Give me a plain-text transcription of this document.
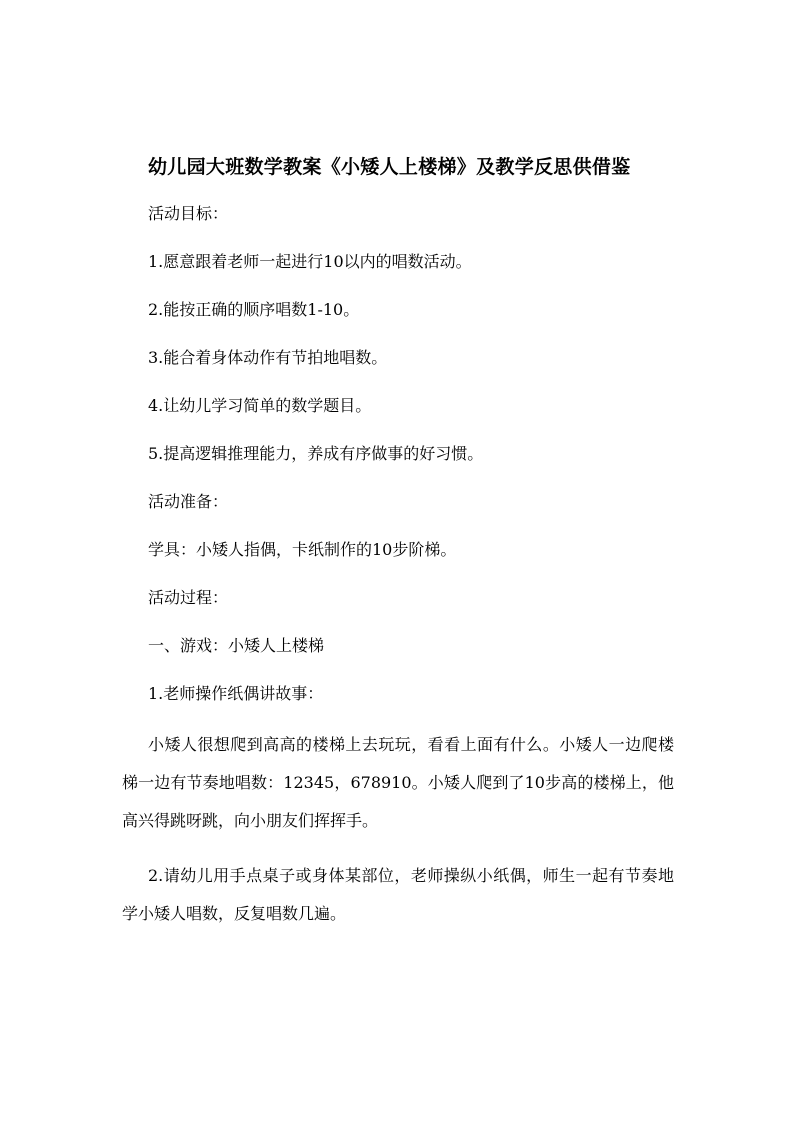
幼儿园大班数学教案《小矮人上楼梯》及教学反思供借鉴
活动目标：
1.愿意跟着老师一起进行10以内的唱数活动。
2.能按正确的顺序唱数1-10。
3.能合着身体动作有节拍地唱数。
4.让幼儿学习简单的数学题目。
5.提高逻辑推理能力，养成有序做事的好习惯。
活动准备：
学具：小矮人指偶，卡纸制作的10步阶梯。
活动过程：
一、游戏：小矮人上楼梯
1.老师操作纸偶讲故事：
小矮人很想爬到高高的楼梯上去玩玩，看看上面有什么。小矮人一边爬楼梯一边有节奏地唱数：12345，678910。小矮人爬到了10步高的楼梯上，他高兴得跳呀跳，向小朋友们挥挥手。
2.请幼儿用手点桌子或身体某部位，老师操纵小纸偶，师生一起有节奏地学小矮人唱数，反复唱数几遍。
